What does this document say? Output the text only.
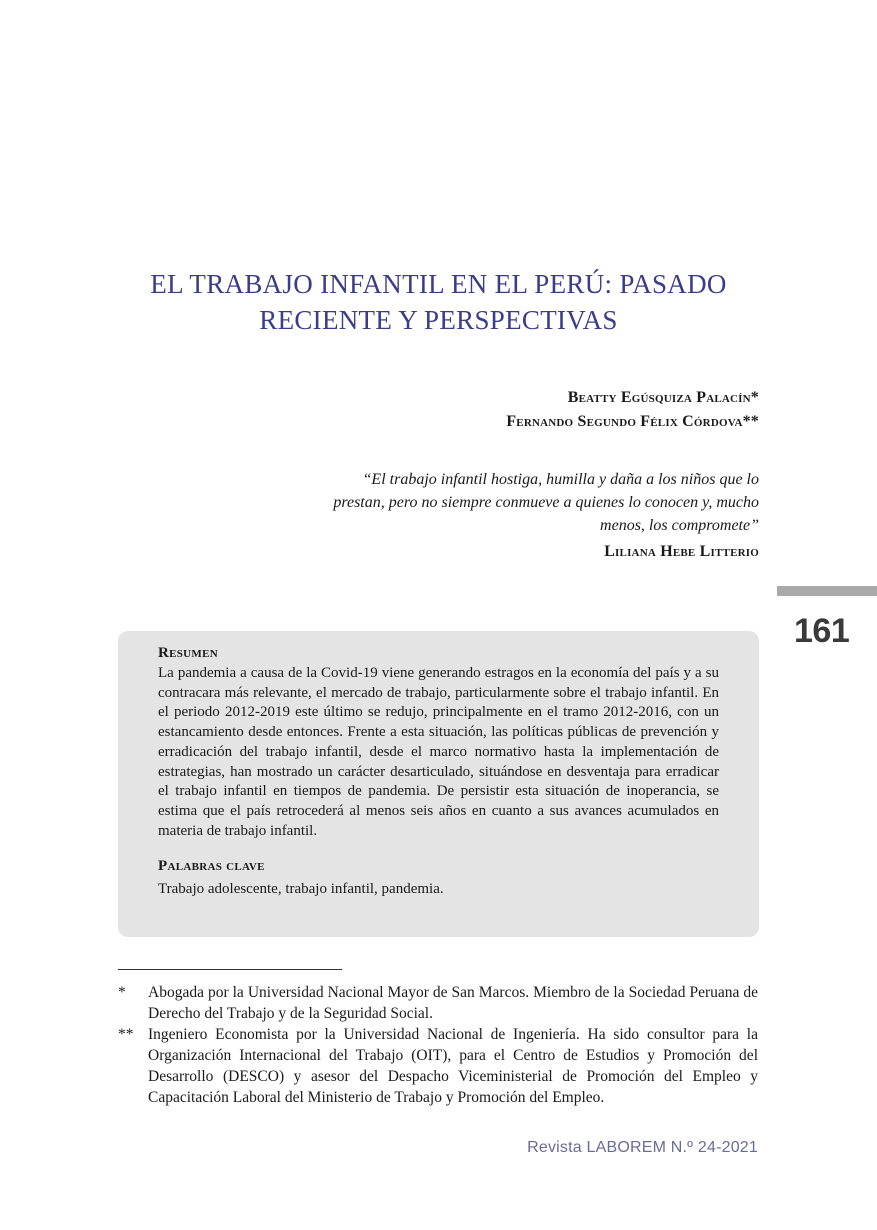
EL TRABAJO INFANTIL EN EL PERÚ: PASADO
RECIENTE Y PERSPECTIVAS
Beatty Egúsquiza Palacín*
Fernando Segundo Félix Córdova**
“El trabajo infantil hostiga, humilla y daña a los niños que lo
prestan, pero no siempre conmueve a quienes lo conocen y, mucho
menos, los compromete”
Liliana Hebe Litterio
161
Resumen
La pandemia a causa de la Covid-19 viene generando estragos en la economía del país y a su contracara más relevante, el mercado de trabajo, particularmente sobre el trabajo infantil. En el periodo 2012-2019 este último se redujo, principalmente en el tramo 2012-2016, con un estancamiento desde entonces. Frente a esta situación, las políticas públicas de prevención y erradicación del trabajo infantil, desde el marco normativo hasta la implementación de estrategias, han mostrado un carácter desarticulado, situándose en desventaja para erradicar el trabajo infantil en tiempos de pandemia. De persistir esta situación de inoperancia, se estima que el país retrocederá al menos seis años en cuanto a sus avances acumulados en materia de trabajo infantil.
Palabras clave
Trabajo adolescente, trabajo infantil, pandemia.
* Abogada por la Universidad Nacional Mayor de San Marcos. Miembro de la Sociedad Peruana de Derecho del Trabajo y de la Seguridad Social.
** Ingeniero Economista por la Universidad Nacional de Ingeniería. Ha sido consultor para la Organización Internacional del Trabajo (OIT), para el Centro de Estudios y Promoción del Desarrollo (DESCO) y asesor del Despacho Viceministerial de Promoción del Empleo y Capacitación Laboral del Ministerio de Trabajo y Promoción del Empleo.
Revista LABOREM N.º 24-2021
